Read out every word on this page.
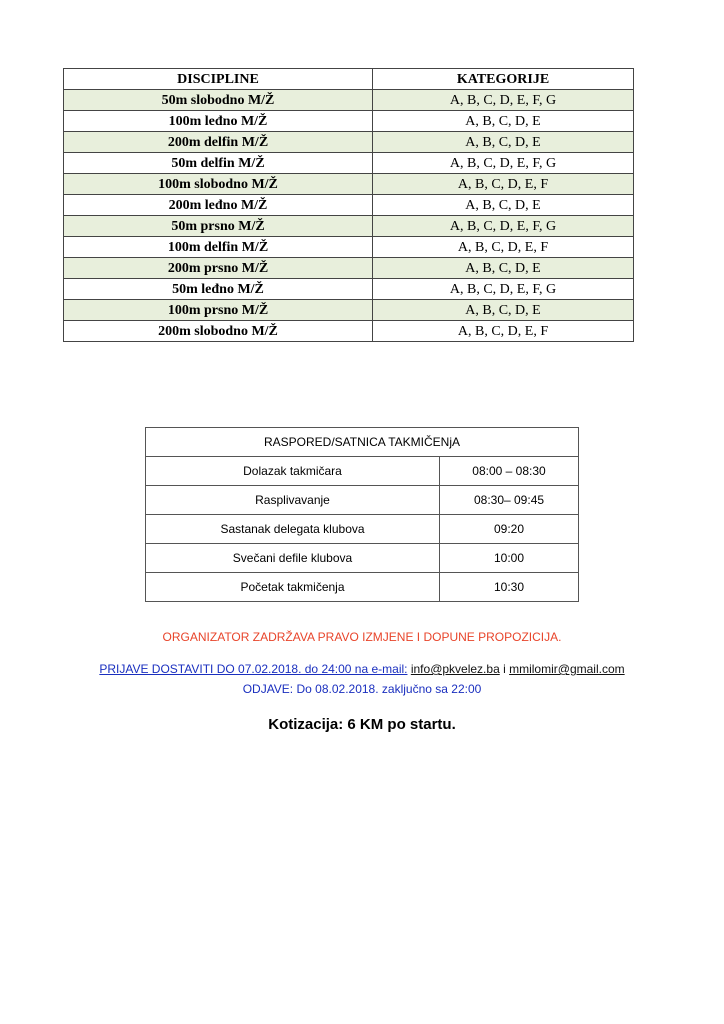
DISCIPLINE	KATEGORIJE
50m slobodno M/Ž	A, B, C, D, E, F, G
100m leđno M/Ž	A, B, C, D, E
200m delfin M/Ž	A, B, C, D, E
50m delfin M/Ž	A, B, C, D, E, F, G
100m slobodno M/Ž	A, B, C, D, E, F
200m leđno M/Ž	A, B, C, D, E
50m prsno M/Ž	A, B, C, D, E, F, G
100m delfin M/Ž	A, B, C, D, E, F
200m prsno M/Ž	A, B, C, D, E
50m leđno M/Ž	A, B, C, D, E, F, G
100m prsno M/Ž	A, B, C, D, E
200m slobodno M/Ž	A, B, C, D, E, F
RASPORED/SATNICA TAKMIČENjA	
Dolazak takmičara	08:00 – 08:30
Rasplivavanje	08:30– 09:45
Sastanak delegata klubova	09:20
Svečani defile klubova	10:00
Početak takmičenja	10:30
ORGANIZATOR ZADRŽAVA PRAVO IZMJENE I DOPUNE PROPOZICIJA.
PRIJAVE DOSTAVITI DO 07.02.2018. do 24:00 na e-mail: info@pkvelez.ba i mmilomir@gmail.com
ODJAVE: Do 08.02.2018. zaključno sa 22:00
Kotizacija: 6 KM po startu.
